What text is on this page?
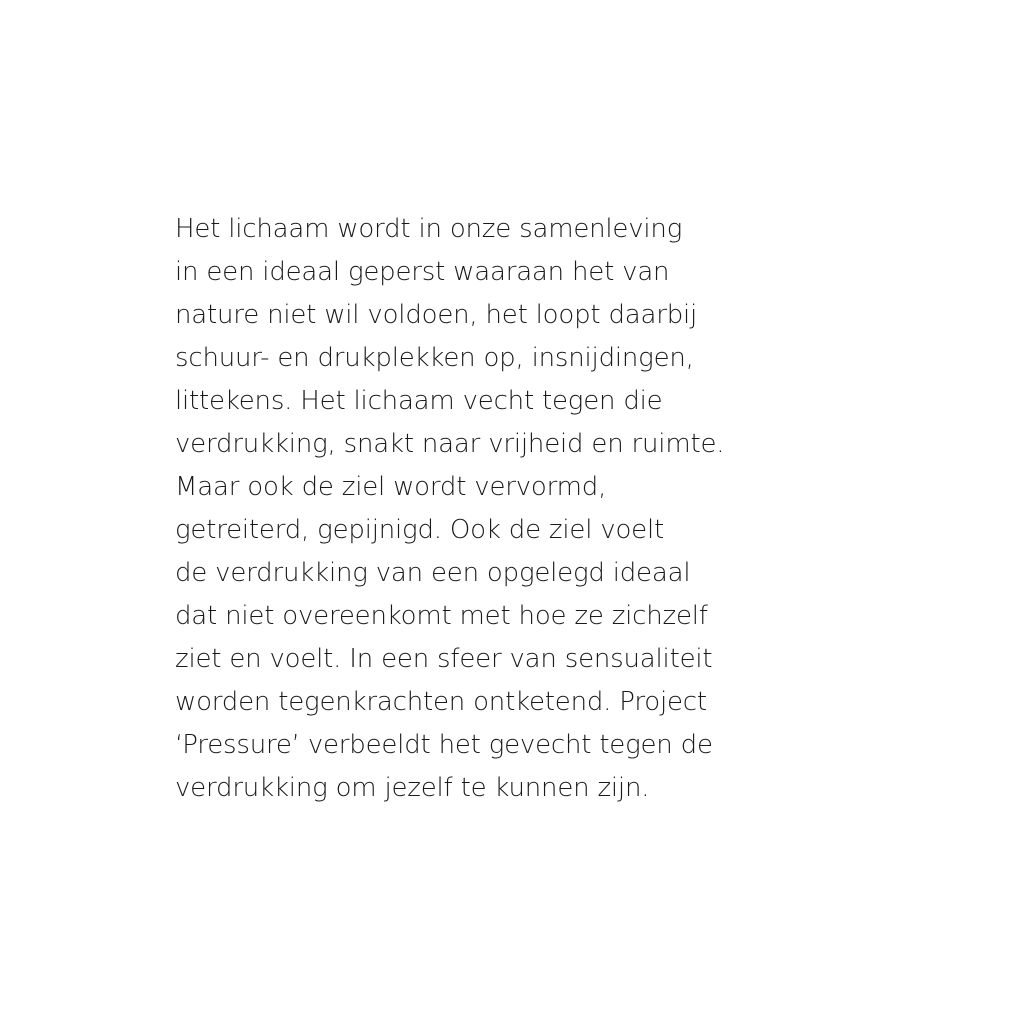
Het lichaam wordt in onze samenleving
in een ideaal geperst waaraan het van
nature niet wil voldoen, het loopt daarbij
schuur- en drukplekken op, insnijdingen,
littekens. Het lichaam vecht tegen die
verdrukking, snakt naar vrijheid en ruimte.
Maar ook de ziel wordt vervormd,
getreiterd, gepijnigd. Ook de ziel voelt
de verdrukking van een opgelegd ideaal
dat niet overeenkomt met hoe ze zichzelf
ziet en voelt. In een sfeer van sensualiteit
worden tegenkrachten ontketend. Project
‘Pressure’ verbeeldt het gevecht tegen de
verdrukking om jezelf te kunnen zijn.
